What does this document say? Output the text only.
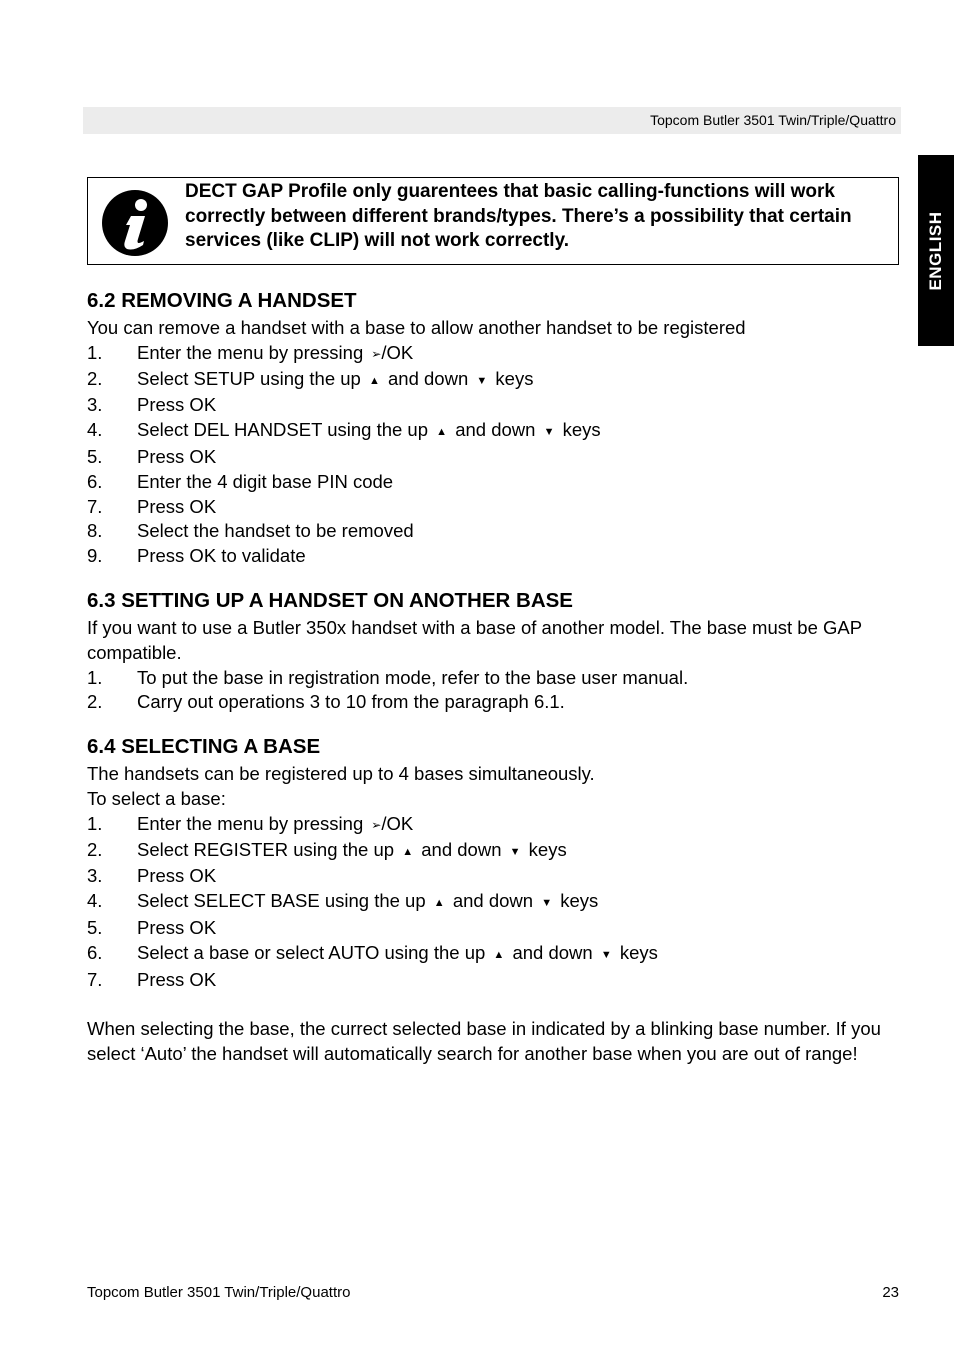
Topcom Butler 3501 Twin/Triple/Quattro
ENGLISH
DECT GAP Profile only guarentees that basic calling-functions will work correctly between different brands/types. There’s a possibility that certain services (like CLIP) will not work correctly.
6.2 REMOVING A HANDSET

You can remove a handset with a base to allow another handset to be registered

1. Enter the menu by pressing ➢/OK
2. Select SETUP using the up ▲ and down ▼ keys
3. Press OK
4. Select DEL HANDSET using the up ▲ and down ▼ keys
5. Press OK
6. Enter the 4 digit base PIN code
7. Press OK
8. Select the handset to be removed
9. Press OK to validate
6.3 SETTING UP A HANDSET ON ANOTHER BASE

If you want to use a Butler 350x handset with a base of another model. The base must be GAP compatible.

1. To put the base in registration mode, refer to the base user manual.
2. Carry out operations 3 to 10 from the paragraph 6.1.
6.4 SELECTING A BASE

The handsets can be registered up to 4 bases simultaneously.

To select a base:

1. Enter the menu by pressing ➢/OK
2. Select REGISTER using the up ▲ and down ▼ keys
3. Press OK
4. Select SELECT BASE using the up ▲ and down ▼ keys
5. Press OK
6. Select a base or select AUTO using the up ▲ and down ▼ keys
7. Press OK

When selecting the base, the currect selected base in indicated by a blinking base number. If you select ‘Auto’ the handset will automatically search for another base when you are out of range!

Topcom Butler 3501 Twin/Triple/Quattro	23
